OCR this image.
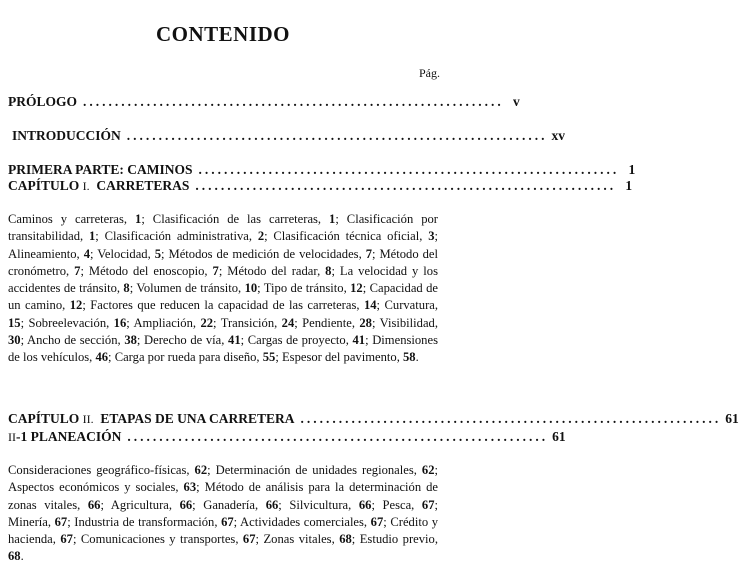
CONTENIDO
Pág.
PRÓLOGO .................................................................. v
INTRODUCCIÓN .................................................................. xv
PRIMERA PARTE: CAMINOS .................................................................. 1
CAPÍTULO I. CARRETERAS .................................................................. 1
Caminos y carreteras, 1; Clasificación de las carreteras, 1; Clasificación por transitabilidad, 1; Clasificación administrativa, 2; Clasificación técnica oficial, 3; Alineamiento, 4; Velocidad, 5; Métodos de medición de velocidades, 7; Método del cronómetro, 7; Método del enoscopio, 7; Método del radar, 8; La velocidad y los accidentes de tránsito, 8; Volumen de tránsito, 10; Tipo de tránsito, 12; Capacidad de un camino, 12; Factores que reducen la capacidad de las carreteras, 14; Curvatura, 15; Sobreelevación, 16; Ampliación, 22; Transición, 24; Pendiente, 28; Visibilidad, 30; Ancho de sección, 38; Derecho de vía, 41; Cargas de proyecto, 41; Dimensiones de los vehículos, 46; Carga por rueda para diseño, 55; Espesor del pavimento, 58.
CAPÍTULO II. ETAPAS DE UNA CARRETERA .................................................................. 61
II-1 PLANEACIÓN .................................................................. 61
Consideraciones geográfico-físicas, 62; Determinación de unidades regionales, 62; Aspectos económicos y sociales, 63; Método de análisis para la determinación de zonas vitales, 66; Agricultura, 66; Ganadería, 66; Silvicultura, 66; Pesca, 67; Minería, 67; Industria de transformación, 67; Actividades comerciales, 67; Crédito y hacienda, 67; Comunicaciones y transportes, 67; Zonas vitales, 68; Estudio previo, 68.
